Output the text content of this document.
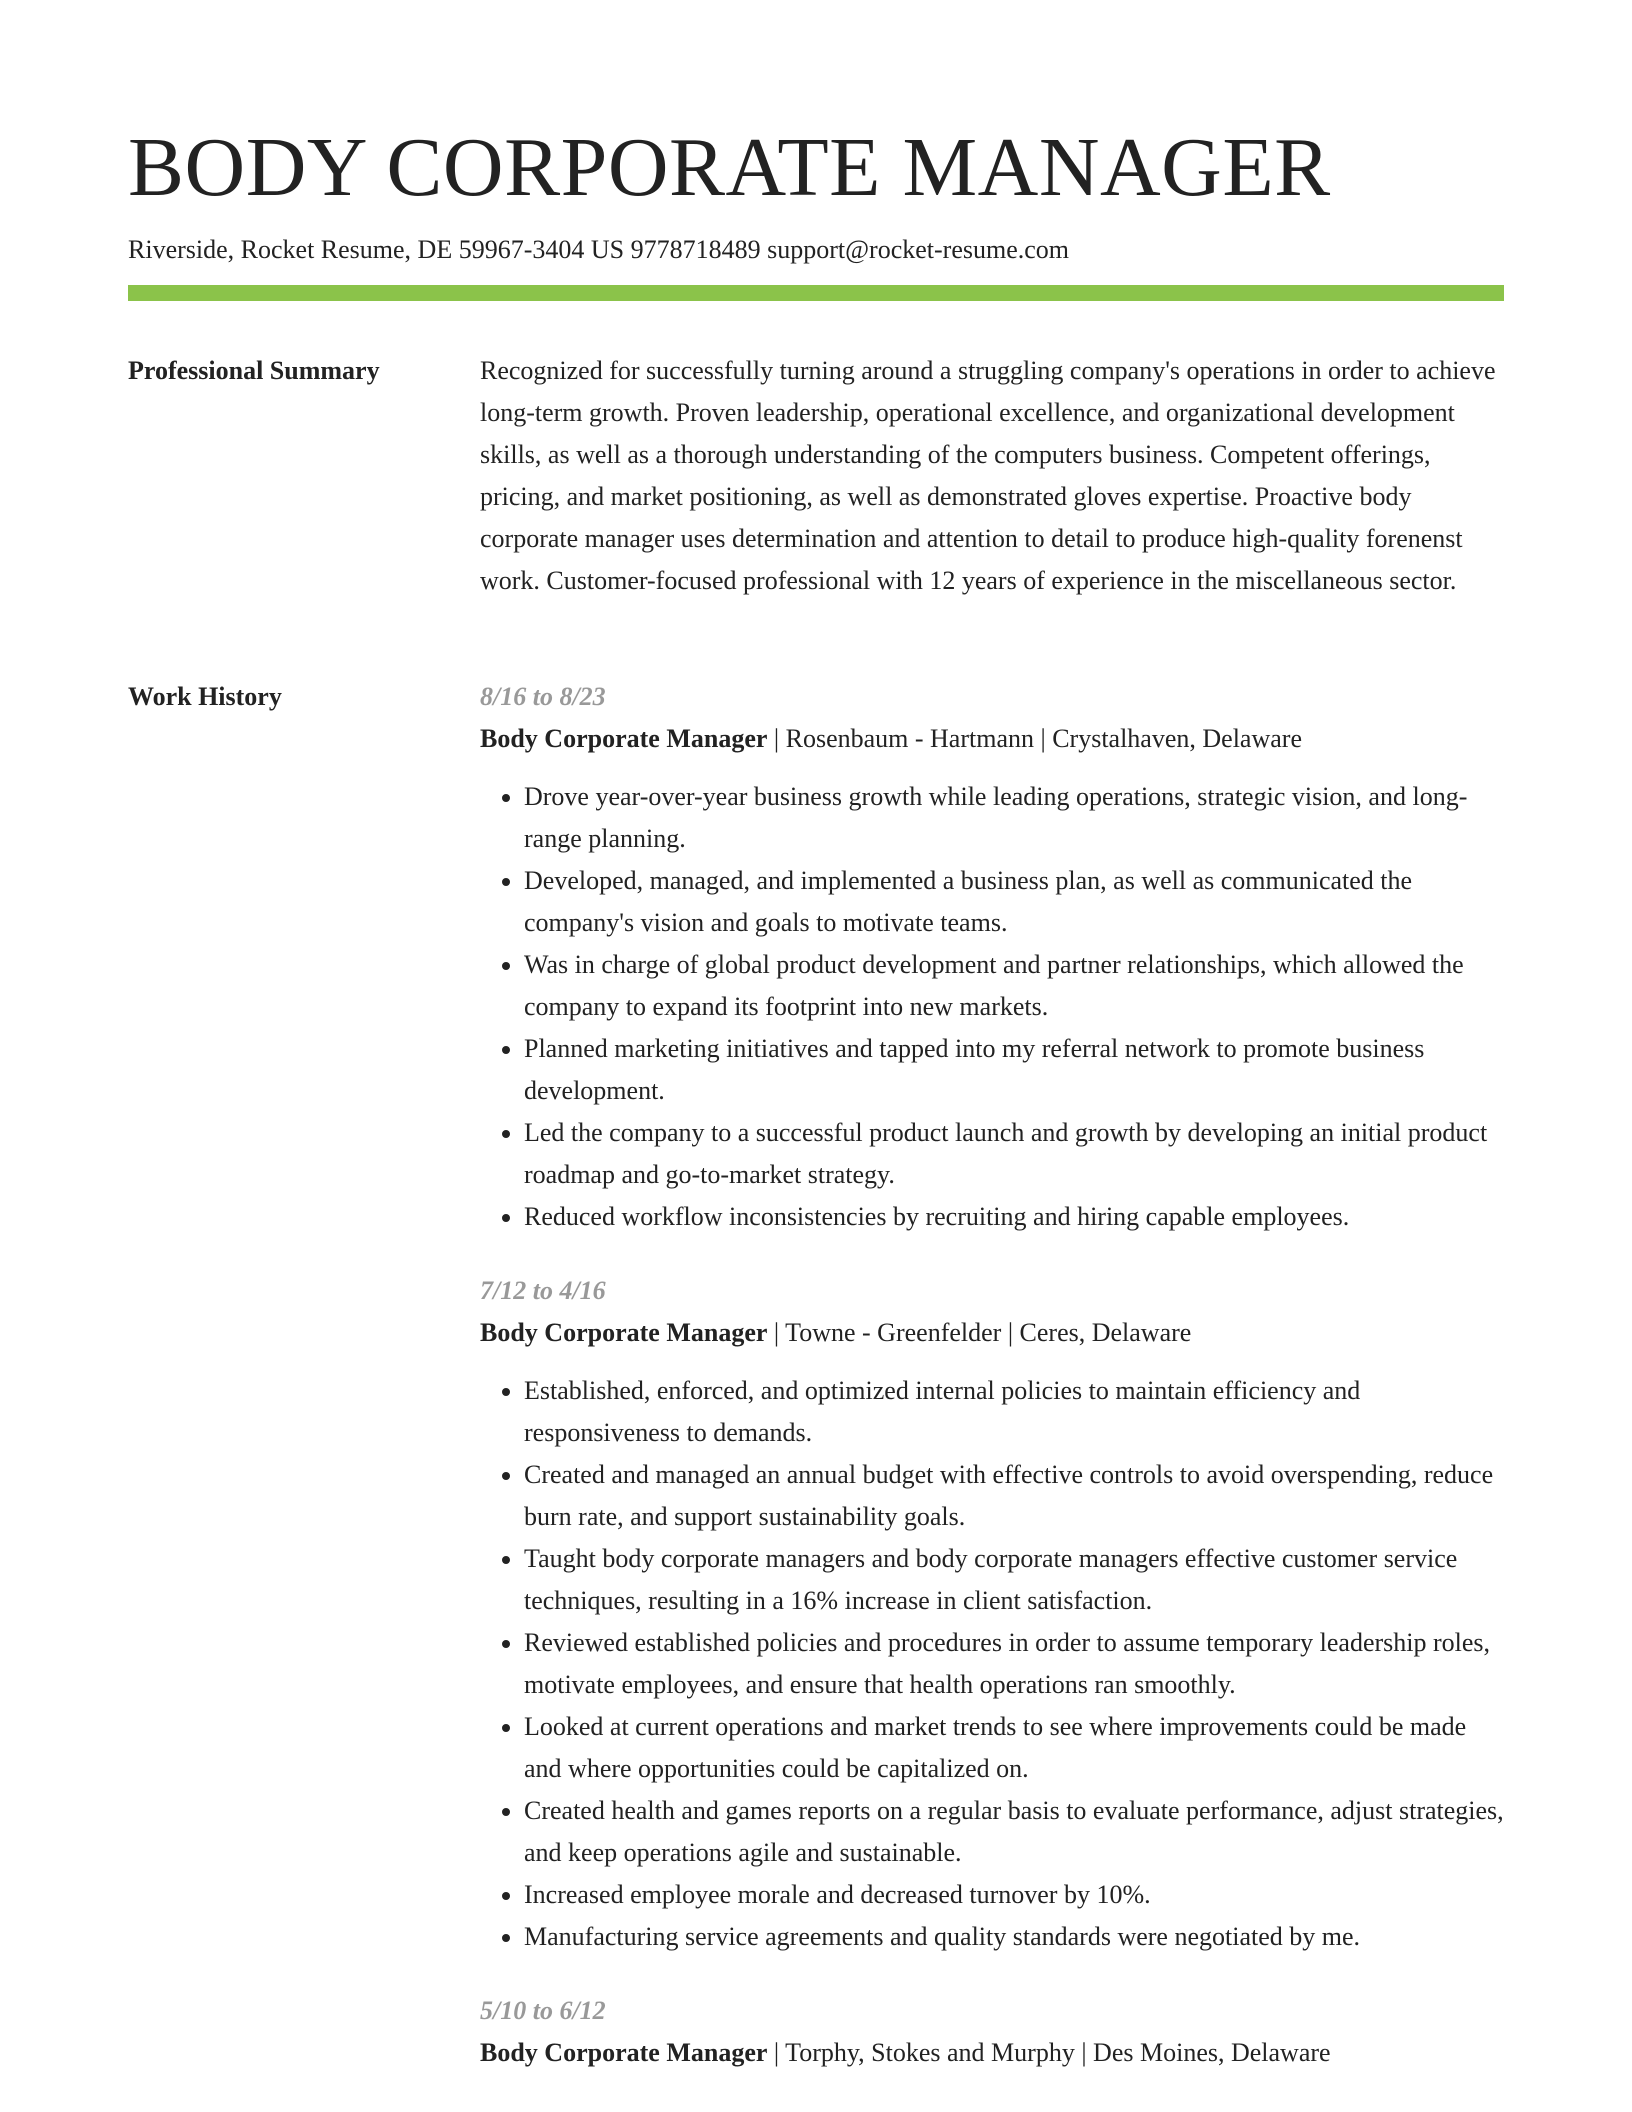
BODY CORPORATE MANAGER
Riverside, Rocket Resume, DE 59967-3404 US 9778718489 support@rocket-resume.com
Professional Summary	Recognized for successfully turning around a struggling company's operations in order to achieve long-term growth. Proven leadership, operational excellence, and organizational development skills, as well as a thorough understanding of the computers business. Competent offerings, pricing, and market positioning, as well as demonstrated gloves expertise. Proactive body corporate manager uses determination and attention to detail to produce high-quality forenenst work. Customer-focused professional with 12 years of experience in the miscellaneous sector.

Work History	8/16 to 8/23
Body Corporate Manager | Rosenbaum - Hartmann | Crystalhaven, Delaware
• Drove year-over-year business growth while leading operations, strategic vision, and long-range planning.
• Developed, managed, and implemented a business plan, as well as communicated the company's vision and goals to motivate teams.
• Was in charge of global product development and partner relationships, which allowed the company to expand its footprint into new markets.
• Planned marketing initiatives and tapped into my referral network to promote business development.
• Led the company to a successful product launch and growth by developing an initial product roadmap and go-to-market strategy.
• Reduced workflow inconsistencies by recruiting and hiring capable employees.
7/12 to 4/16
Body Corporate Manager | Towne - Greenfelder | Ceres, Delaware
• Established, enforced, and optimized internal policies to maintain efficiency and responsiveness to demands.
• Created and managed an annual budget with effective controls to avoid overspending, reduce burn rate, and support sustainability goals.
• Taught body corporate managers and body corporate managers effective customer service techniques, resulting in a 16% increase in client satisfaction.
• Reviewed established policies and procedures in order to assume temporary leadership roles, motivate employees, and ensure that health operations ran smoothly.
• Looked at current operations and market trends to see where improvements could be made and where opportunities could be capitalized on.
• Created health and games reports on a regular basis to evaluate performance, adjust strategies, and keep operations agile and sustainable.
• Increased employee morale and decreased turnover by 10%.
• Manufacturing service agreements and quality standards were negotiated by me.
5/10 to 6/12
Body Corporate Manager | Torphy, Stokes and Murphy | Des Moines, Delaware
